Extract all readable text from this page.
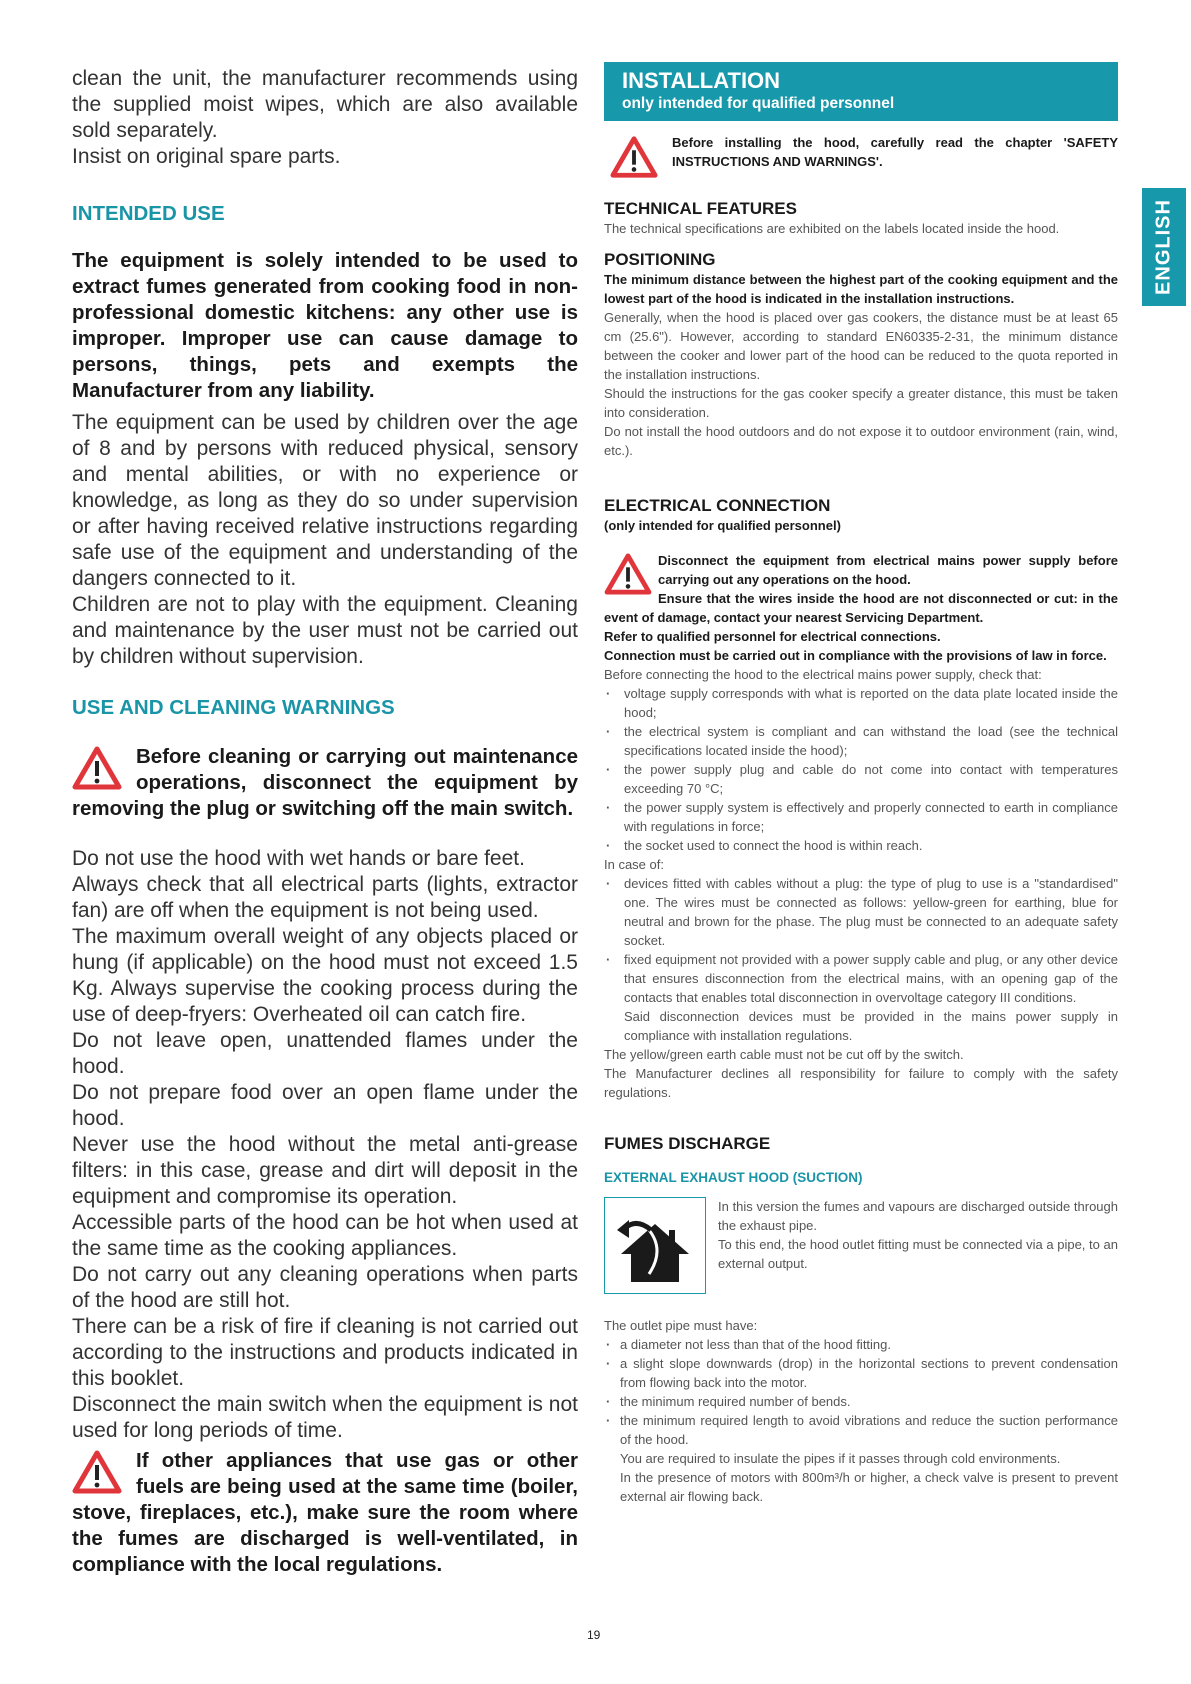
clean the unit, the manufacturer recommends using the supplied moist wipes, which are also available sold separately.

Insist on original spare parts.

INTENDED USE

The equipment is solely intended to be used to extract fumes generated from cooking food in non-professional domestic kitchens: any other use is improper. Improper use can cause damage to persons, things, pets and exempts the Manufacturer from any liability.

The equipment can be used by children over the age of 8 and by persons with reduced physical, sensory and mental abilities, or with no experience or knowledge, as long as they do so under supervision or after having received relative instructions regarding safe use of the equipment and understanding of the dangers connected to it.

Children are not to play with the equipment. Cleaning and maintenance by the user must not be carried out by children without supervision.

USE AND CLEANING WARNINGS

Before cleaning or carrying out maintenance operations, disconnect the equipment by removing the plug or switching off the main switch.

Do not use the hood with wet hands or bare feet.

Always check that all electrical parts (lights, extractor fan) are off when the equipment is not being used.

The maximum overall weight of any objects placed or hung (if applicable) on the hood must not exceed 1.5 Kg. Always supervise the cooking process during the use of deep-fryers: Overheated oil can catch fire.

Do not leave open, unattended flames under the hood.

Do not prepare food over an open flame under the hood.

Never use the hood without the metal anti-grease filters: in this case, grease and dirt will deposit in the equipment and compromise its operation.

Accessible parts of the hood can be hot when used at the same time as the cooking appliances.

Do not carry out any cleaning operations when parts of the hood are still hot.

There can be a risk of fire if cleaning is not carried out according to the instructions and products indicated in this booklet.

Disconnect the main switch when the equipment is not used for long periods of time.

If other appliances that use gas or other fuels are being used at the same time (boiler, stove, fireplaces, etc.), make sure the room where the fumes are discharged is well-ventilated, in compliance with the local regulations.

INSTALLATION
only intended for qualified personnel

Before installing the hood, carefully read the chapter 'SAFETY INSTRUCTIONS AND WARNINGS'.

TECHNICAL FEATURES

The technical specifications are exhibited on the labels located inside the hood.

POSITIONING

The minimum distance between the highest part of the cooking equipment and the lowest part of the hood is indicated in the installation instructions.

Generally, when the hood is placed over gas cookers, the distance must be at least 65 cm (25.6"). However, according to standard EN60335-2-31, the minimum distance between the cooker and lower part of the hood can be reduced to the quota reported in the installation instructions.

Should the instructions for the gas cooker specify a greater distance, this must be taken into consideration.

Do not install the hood outdoors and do not expose it to outdoor environment (rain, wind, etc.).

ELECTRICAL CONNECTION

(only intended for qualified personnel)

Disconnect the equipment from electrical mains power supply before carrying out any operations on the hood.

Ensure that the wires inside the hood are not disconnected or cut: in the event of damage, contact your nearest Servicing Department.

Refer to qualified personnel for electrical connections.

Connection must be carried out in compliance with the provisions of law in force.

Before connecting the hood to the electrical mains power supply, check that:

· voltage supply corresponds with what is reported on the data plate located inside the hood;
· the electrical system is compliant and can withstand the load (see the technical specifications located inside the hood);
· the power supply plug and cable do not come into contact with temperatures exceeding 70 °C;
· the power supply system is effectively and properly connected to earth in compliance with regulations in force;
· the socket used to connect the hood is within reach.

In case of:

· devices fitted with cables without a plug: the type of plug to use is a "standardised" one. The wires must be connected as follows: yellow-green for earthing, blue for neutral and brown for the phase. The plug must be connected to an adequate safety socket.
· fixed equipment not provided with a power supply cable and plug, or any other device that ensures disconnection from the electrical mains, with an opening gap of the contacts that enables total disconnection in overvoltage category III conditions.

Said disconnection devices must be provided in the mains power supply in compliance with installation regulations.

The yellow/green earth cable must not be cut off by the switch.

The Manufacturer declines all responsibility for failure to comply with the safety regulations.

FUMES DISCHARGE

EXTERNAL EXHAUST HOOD (SUCTION)

In this version the fumes and vapours are discharged outside through the exhaust pipe.

To this end, the hood outlet fitting must be connected via a pipe, to an external output.

The outlet pipe must have:

· a diameter not less than that of the hood fitting.
· a slight slope downwards (drop) in the horizontal sections to prevent condensation from flowing back into the motor.
· the minimum required number of bends.
· the minimum required length to avoid vibrations and reduce the suction performance of the hood.

You are required to insulate the pipes if it passes through cold environments.

In the presence of motors with 800m³/h or higher, a check valve is present to prevent external air flowing back.

ENGLISH
19
